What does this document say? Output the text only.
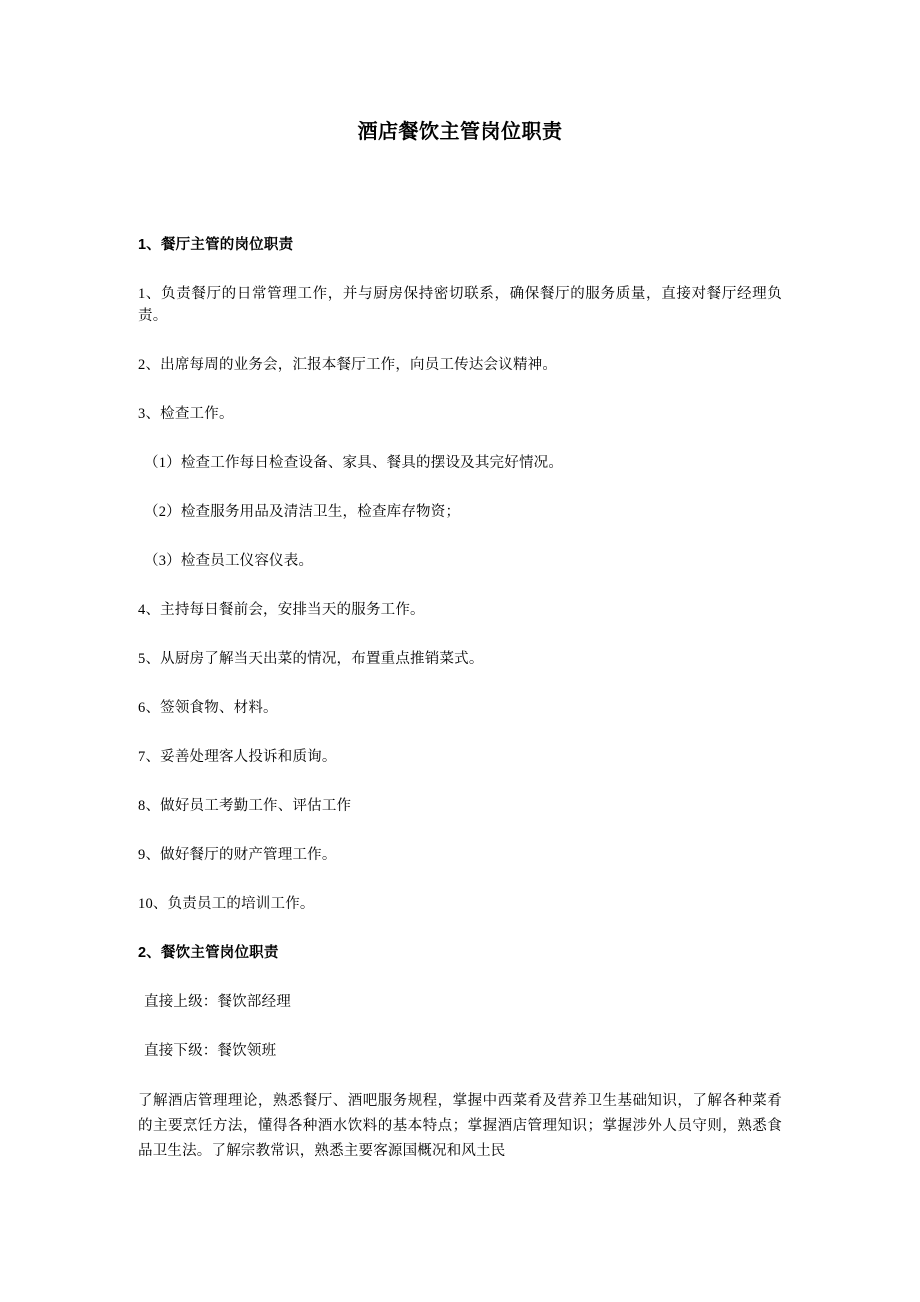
酒店餐饮主管岗位职责

1、餐厅主管的岗位职责

1、负责餐厅的日常管理工作，并与厨房保持密切联系，确保餐厅的服务质量，直接对餐厅经理负责。

2、出席每周的业务会，汇报本餐厅工作，向员工传达会议精神。

3、检查工作。

（1）检查工作每日检查设备、家具、餐具的摆设及其完好情况。

（2）检查服务用品及清洁卫生，检查库存物资；

（3）检查员工仪容仪表。

4、主持每日餐前会，安排当天的服务工作。

5、从厨房了解当天出菜的情况，布置重点推销菜式。

6、签领食物、材料。

7、妥善处理客人投诉和质询。

8、做好员工考勤工作、评估工作

9、做好餐厅的财产管理工作。

10、负责员工的培训工作。

2、餐饮主管岗位职责

直接上级：餐饮部经理

直接下级：餐饮领班

了解酒店管理理论，熟悉餐厅、酒吧服务规程，掌握中西菜肴及营养卫生基础知识，了解各种菜肴的主要烹饪方法，懂得各种酒水饮料的基本特点；掌握酒店管理知识；掌握涉外人员守则，熟悉食品卫生法。了解宗教常识，熟悉主要客源国概况和风土民
